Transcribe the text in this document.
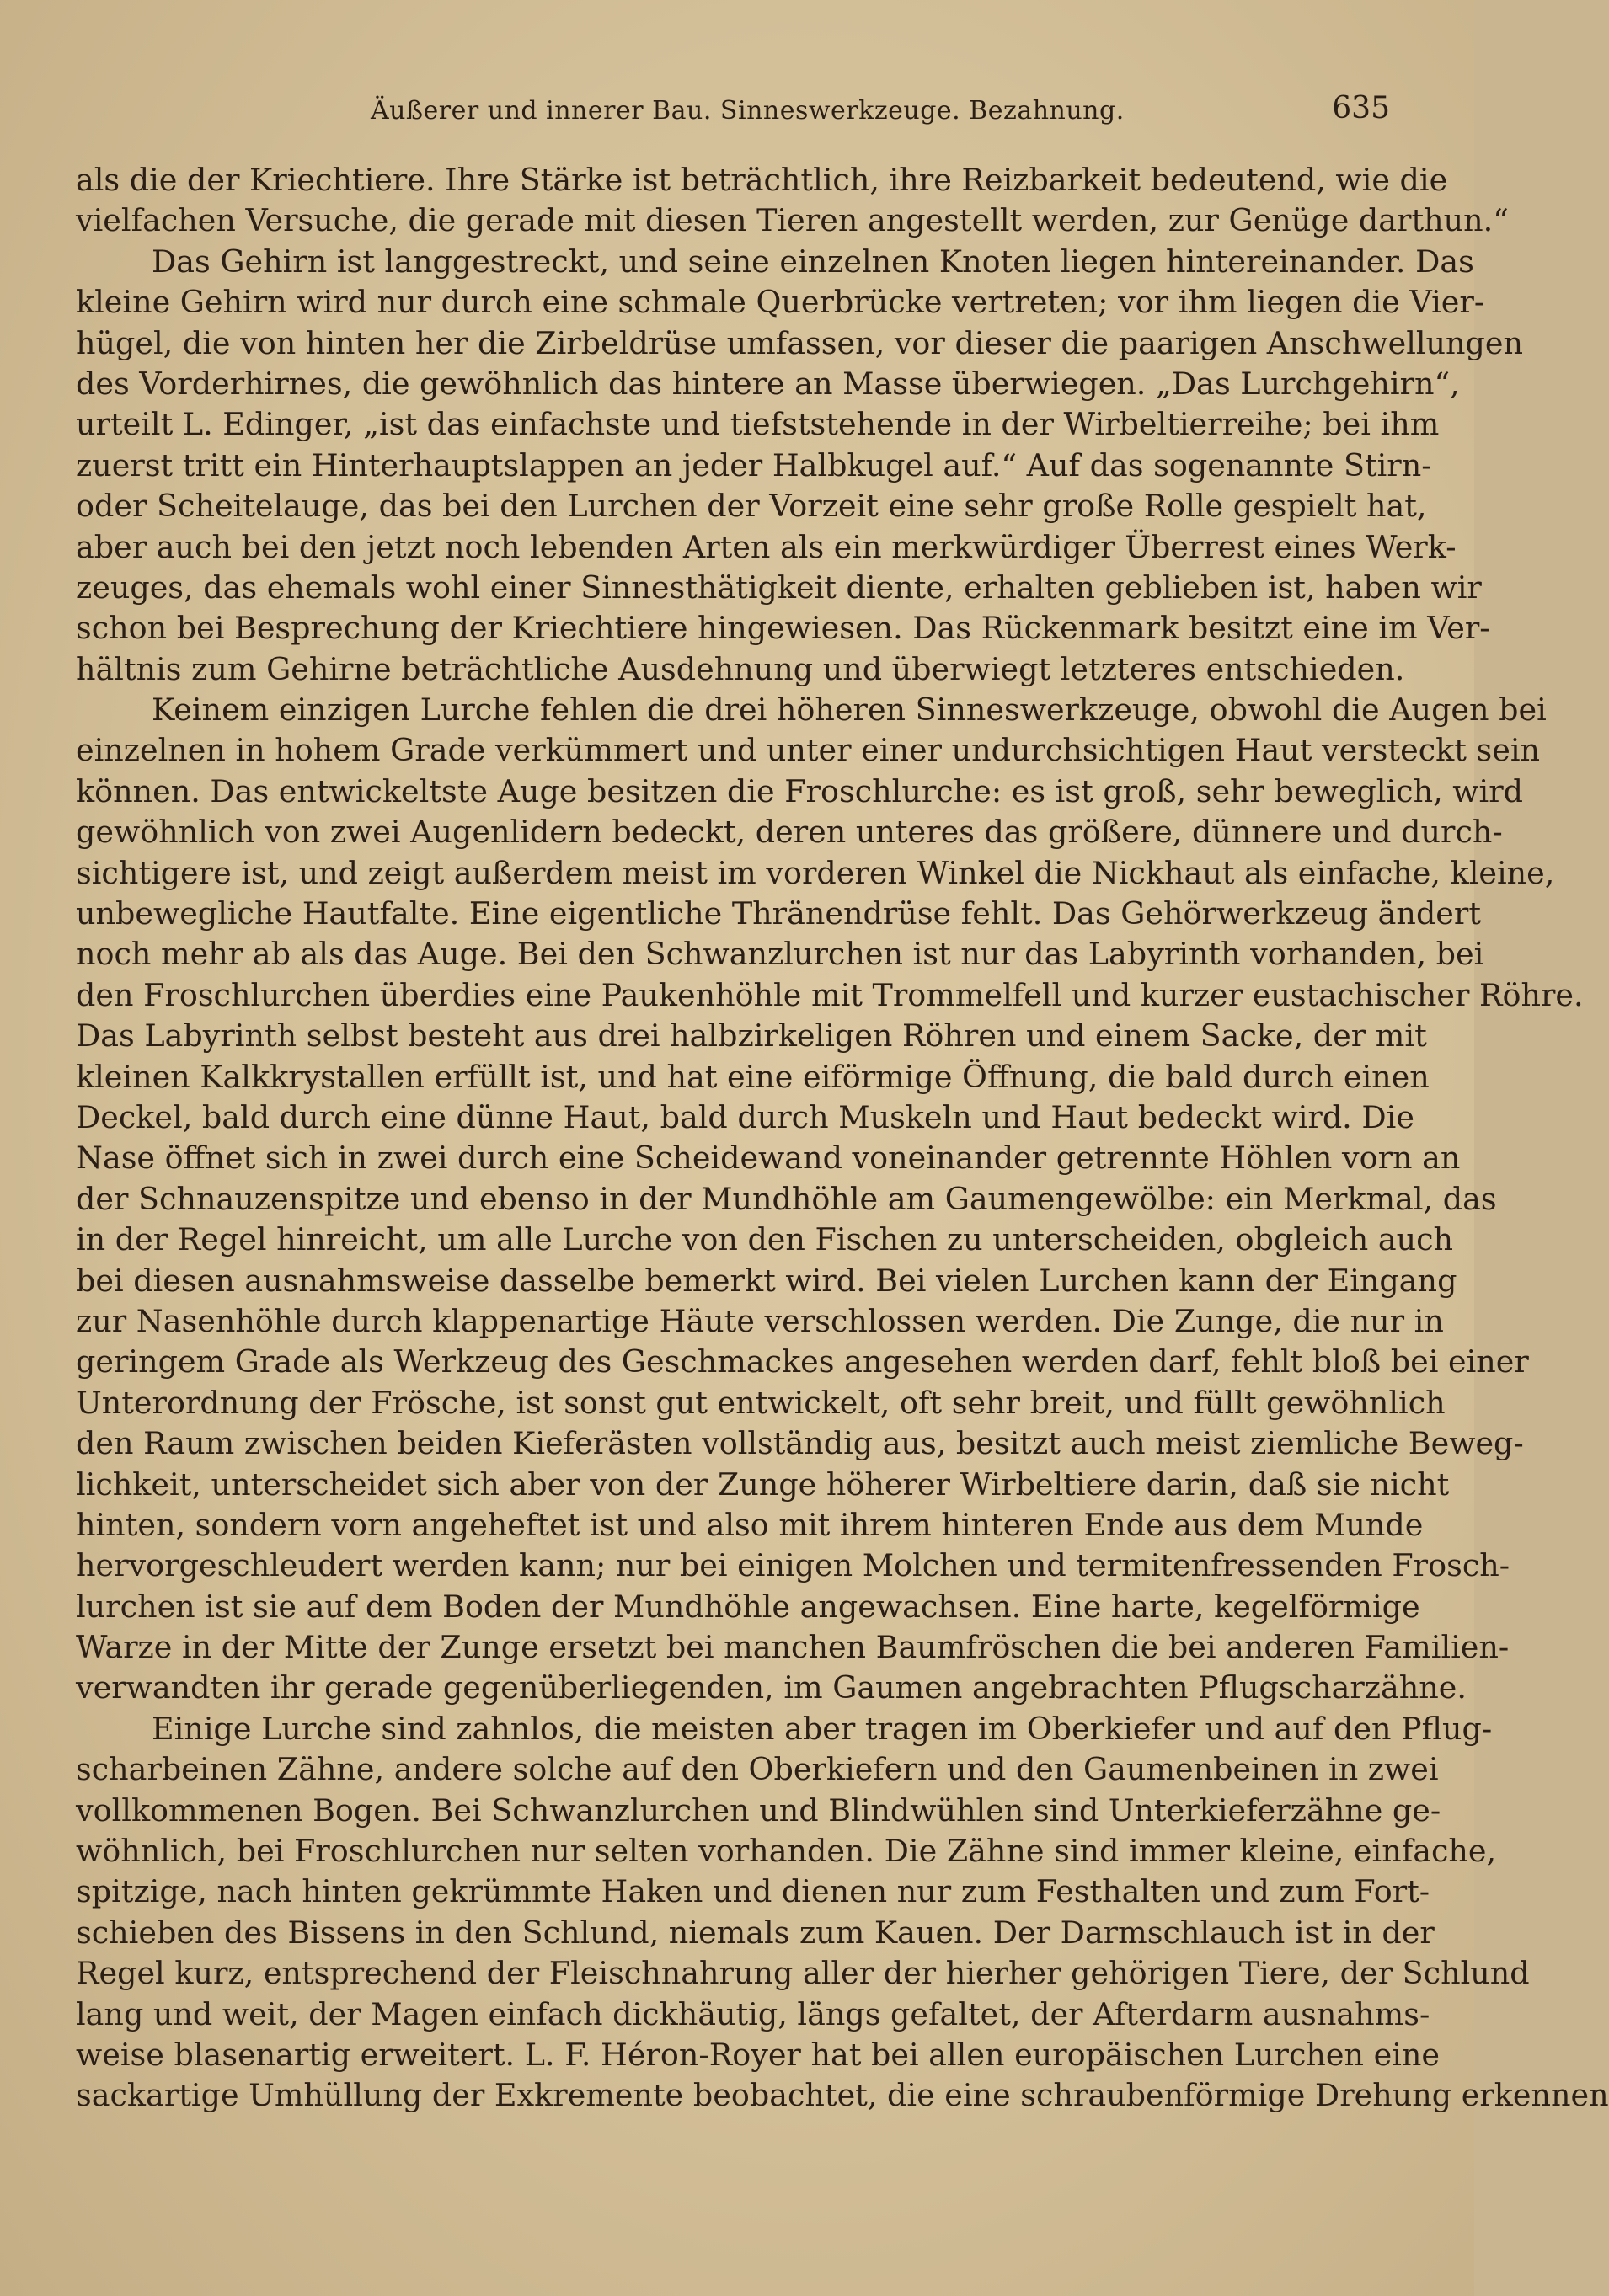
Äußerer und innerer Bau. Sinneswerkzeuge. Bezahnung.	635
als die der Kriechtiere. Ihre Stärke ist beträchtlich, ihre Reizbarkeit bedeutend, wie die
vielfachen Versuche, die gerade mit diesen Tieren angestellt werden, zur Genüge darthun.“
Das Gehirn ist langgestreckt, und seine einzelnen Knoten liegen hintereinander. Das
kleine Gehirn wird nur durch eine schmale Querbrücke vertreten; vor ihm liegen die Vier-
hügel, die von hinten her die Zirbeldrüse umfassen, vor dieser die paarigen Anschwellungen
des Vorderhirnes, die gewöhnlich das hintere an Masse überwiegen. „Das Lurchgehirn“,
urteilt L. Edinger, „ist das einfachste und tiefststehende in der Wirbeltierreihe; bei ihm
zuerst tritt ein Hinterhauptslappen an jeder Halbkugel auf.“ Auf das sogenannte Stirn-
oder Scheitelauge, das bei den Lurchen der Vorzeit eine sehr große Rolle gespielt hat,
aber auch bei den jetzt noch lebenden Arten als ein merkwürdiger Überrest eines Werk-
zeuges, das ehemals wohl einer Sinnesthätigkeit diente, erhalten geblieben ist, haben wir
schon bei Besprechung der Kriechtiere hingewiesen. Das Rückenmark besitzt eine im Ver-
hältnis zum Gehirne beträchtliche Ausdehnung und überwiegt letzteres entschieden.
Keinem einzigen Lurche fehlen die drei höheren Sinneswerkzeuge, obwohl die Augen bei
einzelnen in hohem Grade verkümmert und unter einer undurchsichtigen Haut versteckt sein
können. Das entwickeltste Auge besitzen die Froschlurche: es ist groß, sehr beweglich, wird
gewöhnlich von zwei Augenlidern bedeckt, deren unteres das größere, dünnere und durch-
sichtigere ist, und zeigt außerdem meist im vorderen Winkel die Nickhaut als einfache, kleine,
unbewegliche Hautfalte. Eine eigentliche Thränendrüse fehlt. Das Gehörwerkzeug ändert
noch mehr ab als das Auge. Bei den Schwanzlurchen ist nur das Labyrinth vorhanden, bei
den Froschlurchen überdies eine Paukenhöhle mit Trommelfell und kurzer eustachischer Röhre.
Das Labyrinth selbst besteht aus drei halbzirkeligen Röhren und einem Sacke, der mit
kleinen Kalkkrystallen erfüllt ist, und hat eine eiförmige Öffnung, die bald durch einen
Deckel, bald durch eine dünne Haut, bald durch Muskeln und Haut bedeckt wird. Die
Nase öffnet sich in zwei durch eine Scheidewand voneinander getrennte Höhlen vorn an
der Schnauzenspitze und ebenso in der Mundhöhle am Gaumengewölbe: ein Merkmal, das
in der Regel hinreicht, um alle Lurche von den Fischen zu unterscheiden, obgleich auch
bei diesen ausnahmsweise dasselbe bemerkt wird. Bei vielen Lurchen kann der Eingang
zur Nasenhöhle durch klappenartige Häute verschlossen werden. Die Zunge, die nur in
geringem Grade als Werkzeug des Geschmackes angesehen werden darf, fehlt bloß bei einer
Unterordnung der Frösche, ist sonst gut entwickelt, oft sehr breit, und füllt gewöhnlich
den Raum zwischen beiden Kieferästen vollständig aus, besitzt auch meist ziemliche Beweg-
lichkeit, unterscheidet sich aber von der Zunge höherer Wirbeltiere darin, daß sie nicht
hinten, sondern vorn angeheftet ist und also mit ihrem hinteren Ende aus dem Munde
hervorgeschleudert werden kann; nur bei einigen Molchen und termitenfressenden Frosch-
lurchen ist sie auf dem Boden der Mundhöhle angewachsen. Eine harte, kegelförmige
Warze in der Mitte der Zunge ersetzt bei manchen Baumfröschen die bei anderen Familien-
verwandten ihr gerade gegenüberliegenden, im Gaumen angebrachten Pflugscharzähne.
Einige Lurche sind zahnlos, die meisten aber tragen im Oberkiefer und auf den Pflug-
scharbeinen Zähne, andere solche auf den Oberkiefern und den Gaumenbeinen in zwei
vollkommenen Bogen. Bei Schwanzlurchen und Blindwühlen sind Unterkieferzähne ge-
wöhnlich, bei Froschlurchen nur selten vorhanden. Die Zähne sind immer kleine, einfache,
spitzige, nach hinten gekrümmte Haken und dienen nur zum Festhalten und zum Fort-
schieben des Bissens in den Schlund, niemals zum Kauen. Der Darmschlauch ist in der
Regel kurz, entsprechend der Fleischnahrung aller der hierher gehörigen Tiere, der Schlund
lang und weit, der Magen einfach dickhäutig, längs gefaltet, der Afterdarm ausnahms-
weise blasenartig erweitert. L. F. Héron-Royer hat bei allen europäischen Lurchen eine
sackartige Umhüllung der Exkremente beobachtet, die eine schraubenförmige Drehung erkennen
